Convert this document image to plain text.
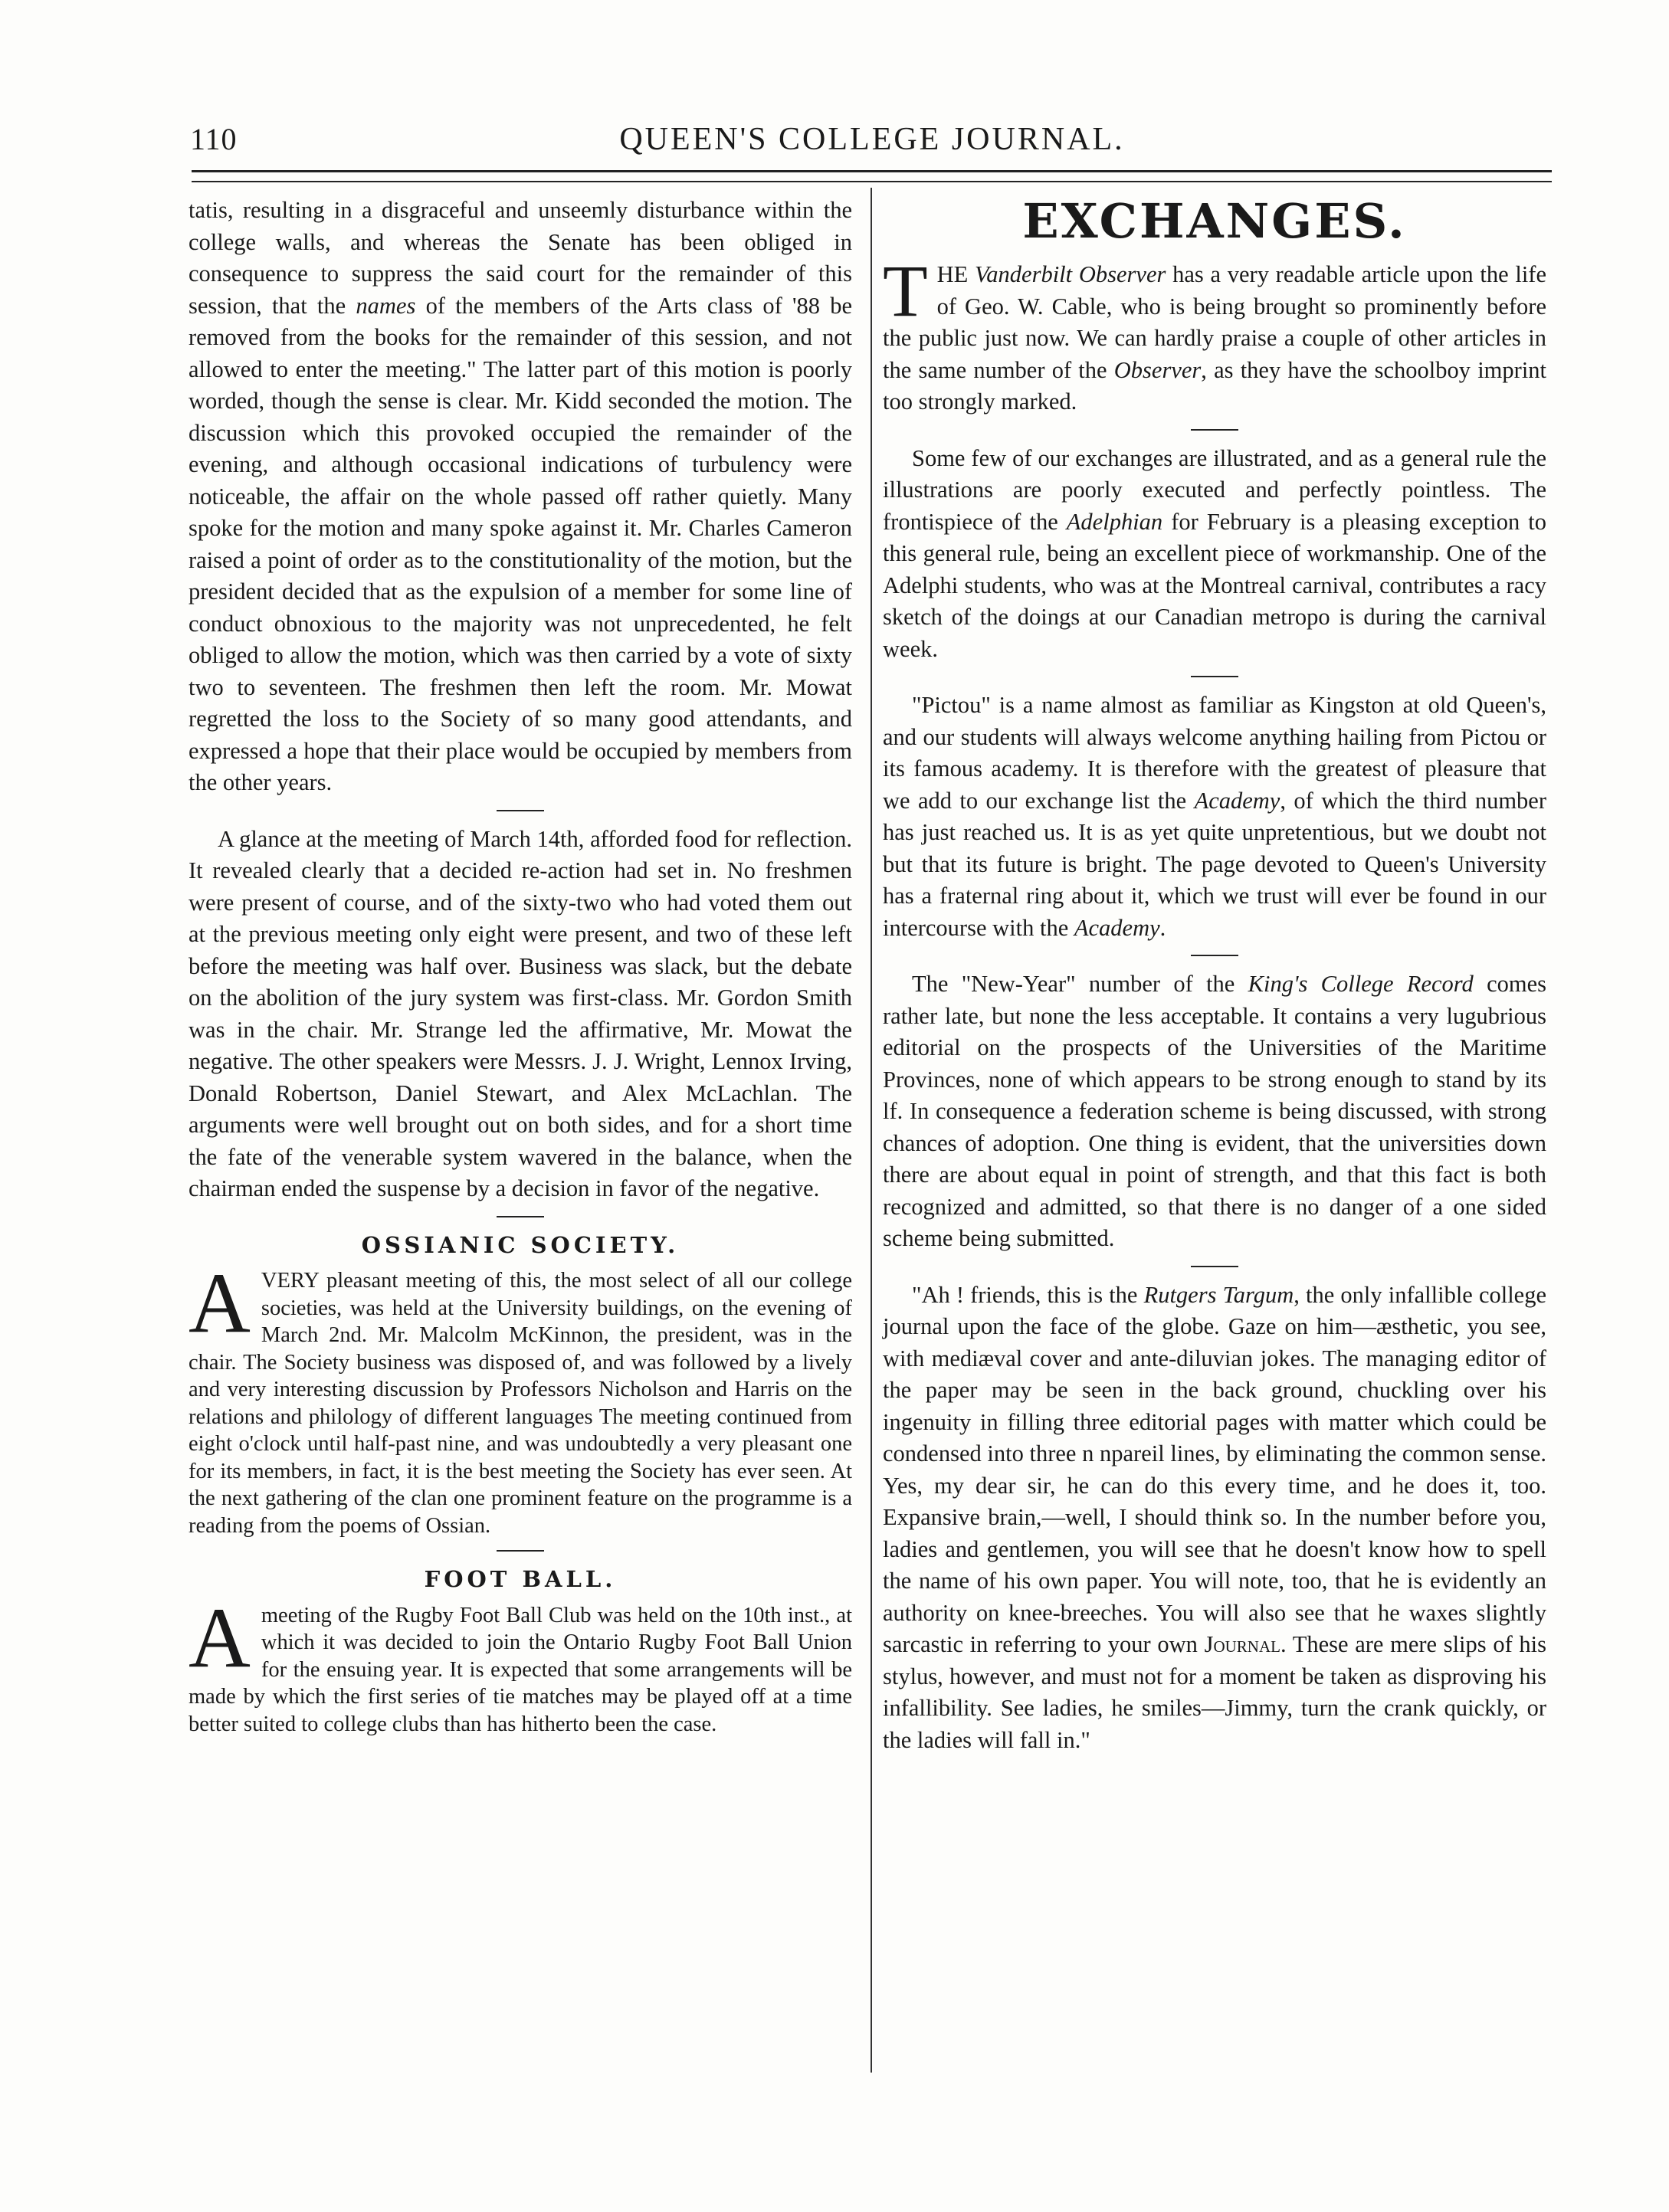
110	QUEEN'S COLLEGE JOURNAL.

tatis, resulting in a disgraceful and unseemly disturbance within the college walls, and whereas the Senate has been obliged in consequence to suppress the said court for the remainder of this session, that the names of the members of the Arts class of '88 be removed from the books for the remainder of this session, and not allowed to enter the meeting." The latter part of this motion is poorly worded, though the sense is clear. Mr. Kidd seconded the motion. The discussion which this provoked occupied the remainder of the evening, and although occasional indications of turbulency were noticeable, the affair on the whole passed off rather quietly. Many spoke for the motion and many spoke against it. Mr. Charles Cameron raised a point of order as to the constitutionality of the motion, but the president decided that as the expulsion of a member for some line of conduct obnoxious to the majority was not unprecedented, he felt obliged to allow the motion, which was then carried by a vote of sixty two to seventeen. The freshmen then left the room. Mr. Mowat regretted the loss to the Society of so many good attendants, and expressed a hope that their place would be occupied by members from the other years.

A glance at the meeting of March 14th, afforded food for reflection. It revealed clearly that a decided re-action had set in. No freshmen were present of course, and of the sixty-two who had voted them out at the previous meeting only eight were present, and two of these left before the meeting was half over. Business was slack, but the debate on the abolition of the jury system was first-class. Mr. Gordon Smith was in the chair. Mr. Strange led the affirmative, Mr. Mowat the negative. The other speakers were Messrs. J. J. Wright, Lennox Irving, Donald Robertson, Daniel Stewart, and Alex McLachlan. The arguments were well brought out on both sides, and for a short time the fate of the venerable system wavered in the balance, when the chairman ended the suspense by a decision in favor of the negative.

OSSIANIC SOCIETY.

AVERY pleasant meeting of this, the most select of all our college societies, was held at the University buildings, on the evening of March 2nd. Mr. Malcolm McKinnon, the president, was in the chair. The Society business was disposed of, and was followed by a lively and very interesting discussion by Professors Nicholson and Harris on the relations and philology of different languages The meeting continued from eight o'clock until half-past nine, and was undoubtedly a very pleasant one for its members, in fact, it is the best meeting the Society has ever seen. At the next gathering of the clan one prominent feature on the programme is a reading from the poems of Ossian.

FOOT BALL.

Ameeting of the Rugby Foot Ball Club was held on the 10th inst., at which it was decided to join the Ontario Rugby Foot Ball Union for the ensuing year. It is expected that some arrangements will be made by which the first series of tie matches may be played off at a time better suited to college clubs than has hitherto been the case.

EXCHANGES.

THE Vanderbilt Observer has a very readable article upon the life of Geo. W. Cable, who is being brought so prominently before the public just now. We can hardly praise a couple of other articles in the same number of the Observer, as they have the schoolboy imprint too strongly marked.

Some few of our exchanges are illustrated, and as a general rule the illustrations are poorly executed and perfectly pointless. The frontispiece of the Adelphian for February is a pleasing exception to this general rule, being an excellent piece of workmanship. One of the Adelphi students, who was at the Montreal carnival, contributes a racy sketch of the doings at our Canadian metropo is during the carnival week.

"Pictou" is a name almost as familiar as Kingston at old Queen's, and our students will always welcome anything hailing from Pictou or its famous academy. It is therefore with the greatest of pleasure that we add to our exchange list the Academy, of which the third number has just reached us. It is as yet quite unpretentious, but we doubt not but that its future is bright. The page devoted to Queen's University has a fraternal ring about it, which we trust will ever be found in our intercourse with the Academy.

The "New-Year" number of the King's College Record comes rather late, but none the less acceptable. It contains a very lugubrious editorial on the prospects of the Universities of the Maritime Provinces, none of which appears to be strong enough to stand by its lf. In consequence a federation scheme is being discussed, with strong chances of adoption. One thing is evident, that the universities down there are about equal in point of strength, and that this fact is both recognized and admitted, so that there is no danger of a one sided scheme being submitted.

"Ah ! friends, this is the Rutgers Targum, the only infallible college journal upon the face of the globe. Gaze on him—æsthetic, you see, with mediæval cover and ante-diluvian jokes. The managing editor of the paper may be seen in the back ground, chuckling over his ingenuity in filling three editorial pages with matter which could be condensed into three n npareil lines, by eliminating the common sense. Yes, my dear sir, he can do this every time, and he does it, too. Expansive brain,—well, I should think so. In the number before you, ladies and gentlemen, you will see that he doesn't know how to spell the name of his own paper. You will note, too, that he is evidently an authority on knee-breeches. You will also see that he waxes slightly sarcastic in referring to your own Journal. These are mere slips of his stylus, however, and must not for a moment be taken as disproving his infallibility. See ladies, he smiles—Jimmy, turn the crank quickly, or the ladies will fall in."
